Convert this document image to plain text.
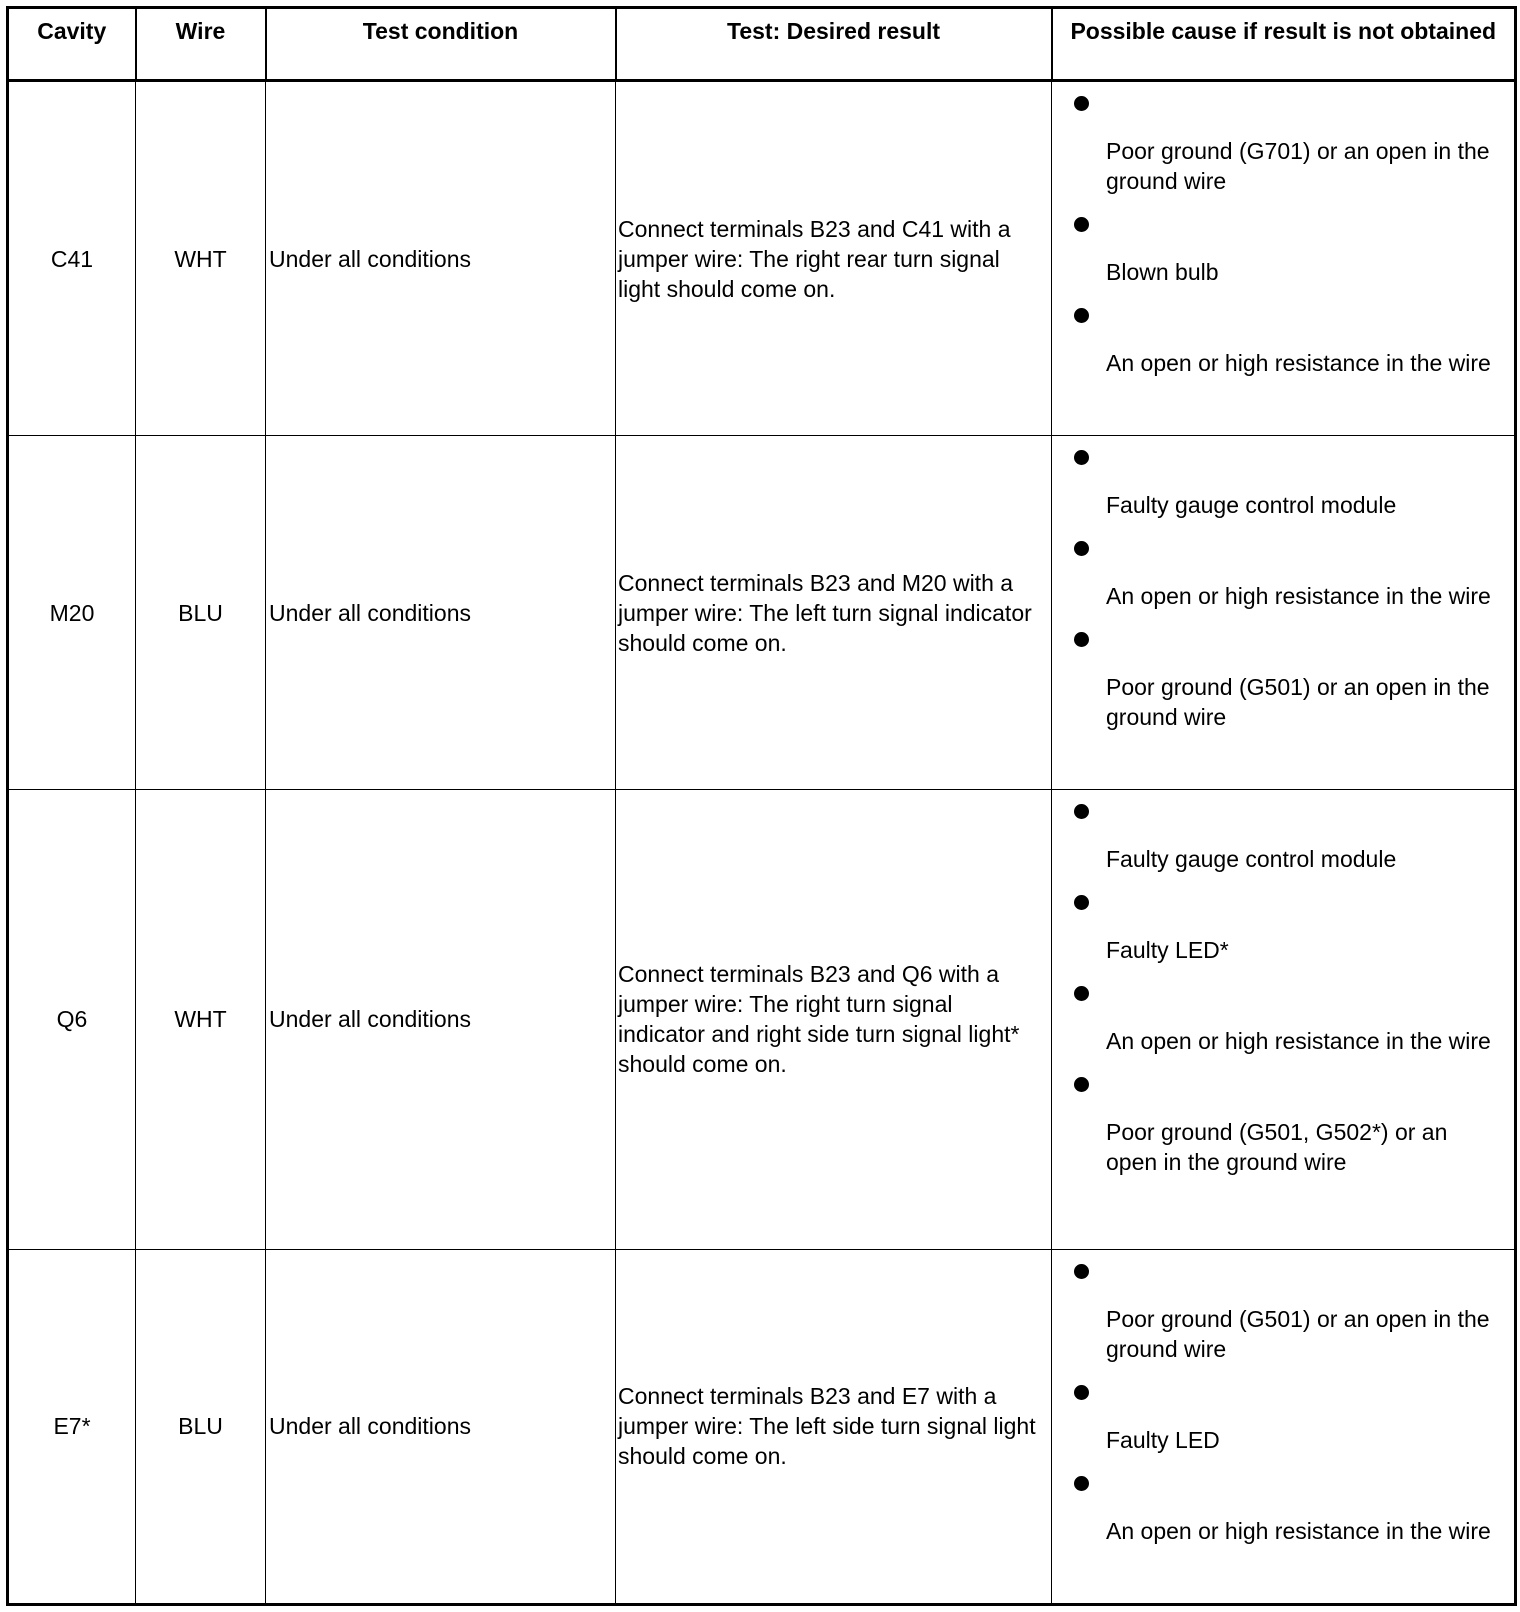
Cavity	Wire	Test condition	Test: Desired result	Possible cause if result is not obtained
C41	WHT	Under all conditions	Connect terminals B23 and C41 with a jumper wire: The right rear turn signal light should come on.	Poor ground (G701) or an open in the ground wire
Blown bulb
An open or high resistance in the wire

M20	BLU	Under all conditions	Connect terminals B23 and M20 with a jumper wire: The left turn signal indicator should come on.	Faulty gauge control module
An open or high resistance in the wire
Poor ground (G501) or an open in the ground wire

Q6	WHT	Under all conditions	Connect terminals B23 and Q6 with a jumper wire: The right turn signal indicator and right side turn signal light* should come on.	Faulty gauge control module
Faulty LED*
An open or high resistance in the wire
Poor ground (G501, G502*) or an open in the ground wire

E7*	BLU	Under all conditions	Connect terminals B23 and E7 with a jumper wire: The left side turn signal light should come on.	Poor ground (G501) or an open in the ground wire
Faulty LED
An open or high resistance in the wire
